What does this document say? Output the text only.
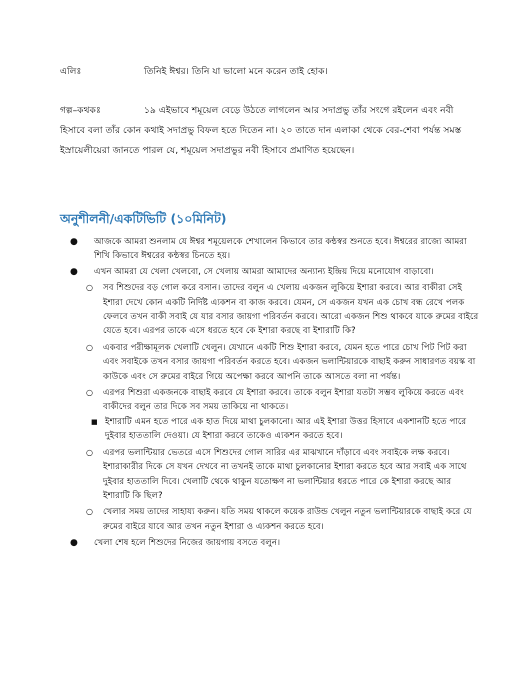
এলিঃ	তিনিই ঈশ্বর। তিনি যা ভালো মনে করেন তাই হোক।
গল্প–কথকঃ	১৯ এইভাবে শমূয়েল বেড়ে উঠতে লাগলেন আর সদাপ্রভু তাঁর সংগে রইলেন এবং নবী হিসাবে বলা তাঁর কোন কথাই সদাপ্রভু বিফল হতে দিতেন না। ২০ তাতে দান এলাকা থেকে বের-শেবা পর্যন্ত সমস্ত ইস্রায়েলীয়েরা জানতে পারল যে, শমূয়েল সদাপ্রভুর নবী হিসাবে প্রমাণিত হয়েছেন।
অনুশীলনী/একটিভিটি (১০মিনিট)
● আজকে আমরা শুনলাম যে ঈশ্বর শমূয়েলকে শেখালেন কিভাবে তার কন্ঠস্বর শুনতে হবে। ঈশ্বরের রাজ্যে আমরা শিখি কিভাবে ঈশ্বরের কন্ঠস্বর চিনতে হয়।
● এখন আমরা যে খেলা খেলবো, সে খেলায় আমরা আমাদের অন্যান্য ইন্দ্রিয় দিয়ে মনোযোগ বাড়াবো।
○ সব শিশুদের বড় গোল করে বসান। তাদের বলুন এ খেলায় একজন লুকিয়ে ইশারা করবে। আর বাকীরা সেই ইশারা দেখে কোন একটি নির্দিষ্ট এ্যকশন বা কাজ করবে। যেমন, সে একজন যখন এক চোখ বন্ধ রেখে পলক ফেলবে তখন বাকী সবাই যে যার বসার জায়গা পরিবর্তন করবে। আরো একজন শিশু থাকবে যাকে রুমের বাইরে যেতে হবে। এরপর তাকে এসে ধরতে হবে কে ইশারা করছে বা ইশারাটি কি?
○ একবার পরীক্ষামূলক খেলাটি খেলুন। যেখানে একটি শিশু ইশারা করবে, যেমন হতে পারে চোখ পিট পিট করা এবং সবাইকে তখন বসার জায়গা পরিবর্তন করতে হবে। একজন ভলান্টিয়ারকে বাছাই করুন সাধারণত বয়স্ক বা কাউকে এবং সে রুমের বাইরে গিয়ে অপেক্ষা করবে আপনি তাকে আসতে বলা না পর্যন্ত।
○ এরপর শিশুরা একজনকে বাছাই করবে যে ইশারা করবে। তাকে বলুন ইশারা যতটা সম্ভব লুকিয়ে করতে এবং বাকীদের বলুন তার দিকে সব সময় তাকিয়ে না থাকতে।
■ ইশারাটি এমন হতে পারে এক হাত দিয়ে মাথা চুলকানো। আর এই ইশারা উত্তর হিসাবে একশানটি হতে পারে দুইবার হাততালি দেওয়া। যে ইশারা করবে তাকেও এ্যকশন করতে হবে।
○ এরপর ভলান্টিয়ার ভেতরে এসে শিশুদের গোল সারির এর মাঝখানে দাঁড়াবে এবং সবাইকে লক্ষ করবে। ইশারাকারীর দিকে সে যখন দেখবে না তখনই তাকে মাথা চুলকানোর ইশারা করতে হবে আর সবাই এক সাথে দুইবার হাততালি দিবে। খেলাটি থেকে থাকুন যতোক্ষণ না ভলান্টিয়ার ধরতে পারে কে ইশারা করছে আর ইশারাটি কি ছিল?
○ খেলার সময় তাদের সাহায্য করুন। যতি সময় থাকলে কয়েক রাউন্ড খেলুন নতুন ভলান্টিয়ারকে বাছাই করে যে রুমের বাইরে যাবে আর তখন নতুন ইশারা ও এ্যকশন করতে হবে।
● খেলা শেষ হলে শিশুদের নিজের জায়গায় বসতে বলুন।
